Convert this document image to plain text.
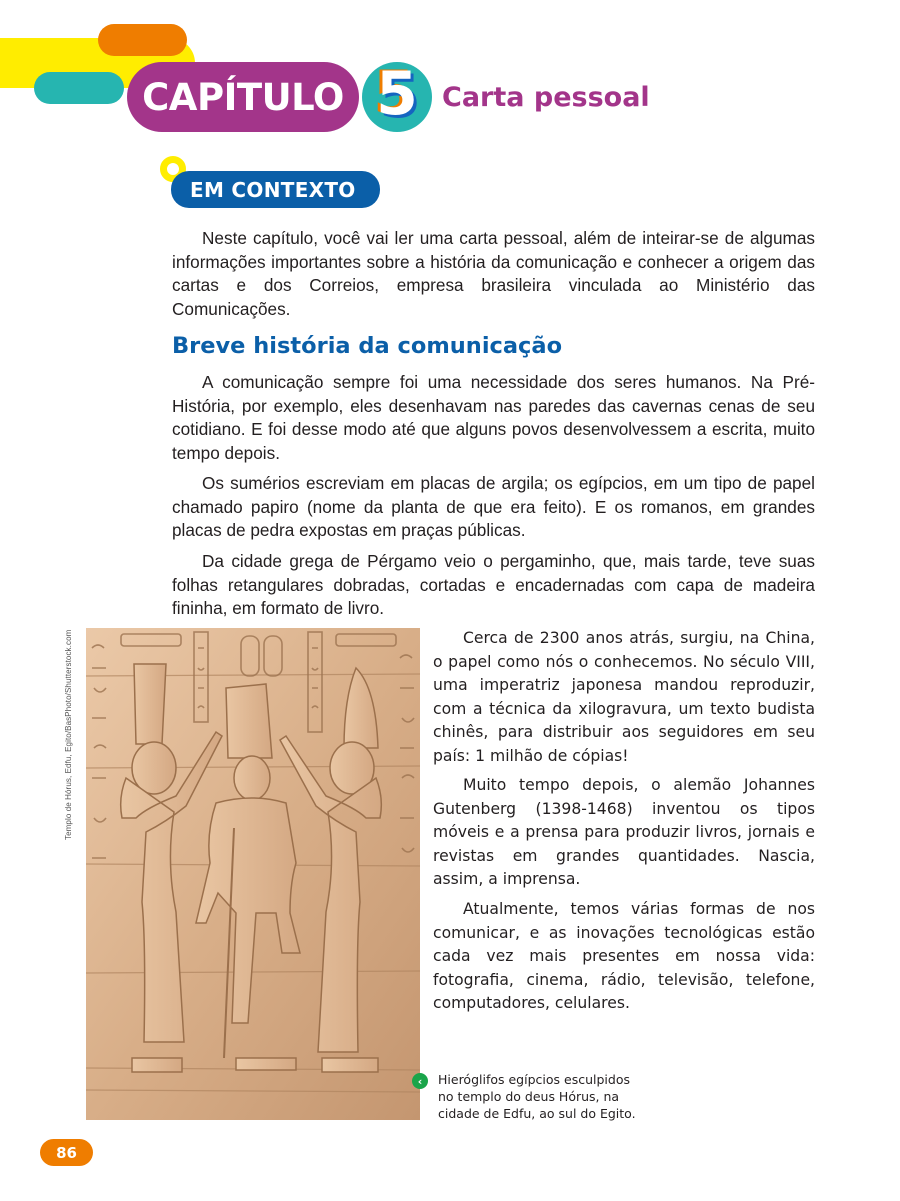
CAPÍTULO 5 Carta pessoal
EM CONTEXTO

Neste capítulo, você vai ler uma carta pessoal, além de inteirar-se de algumas informações importantes sobre a história da comunicação e conhecer a origem das cartas e dos Correios, empresa brasileira vinculada ao Ministério das Comunicações.

Breve história da comunicação

A comunicação sempre foi uma necessidade dos seres humanos. Na Pré-História, por exemplo, eles desenhavam nas paredes das cavernas cenas de seu cotidiano. E foi desse modo até que alguns povos desenvolvessem a escrita, muito tempo depois.

Os sumérios escreviam em placas de argila; os egípcios, em um tipo de papel chamado papiro (nome da planta de que era feito). E os romanos, em grandes placas de pedra expostas em praças públicas.

Da cidade grega de Pérgamo veio o pergaminho, que, mais tarde, teve suas folhas retangulares dobradas, cortadas e encadernadas com capa de madeira fininha, em formato de livro.

Templo de Hórus, Edfu, Egito/BasPhoto/Shutterstock.com	Cerca de 2300 anos atrás, surgiu, na China, o papel como nós o conhecemos. No século VIII, uma imperatriz japonesa mandou reproduzir, com a técnica da xilogravura, um texto budista chinês, para distribuir aos seguidores em seu país: 1 milhão de cópias!

Muito tempo depois, o alemão Johannes Gutenberg (1398-1468) inventou os tipos móveis e a prensa para produzir livros, jornais e revistas em grandes quantidades. Nascia, assim, a imprensa.

Atualmente, temos várias formas de nos comunicar, e as inovações tecnológicas estão cada vez mais presentes em nossa vida: fotografia, cinema, rádio, televisão, telefone, computadores, celulares.

‹	Hieróglifos egípcios esculpidos
no templo do deus Hórus, na
cidade de Edfu, ao sul do Egito.
86
